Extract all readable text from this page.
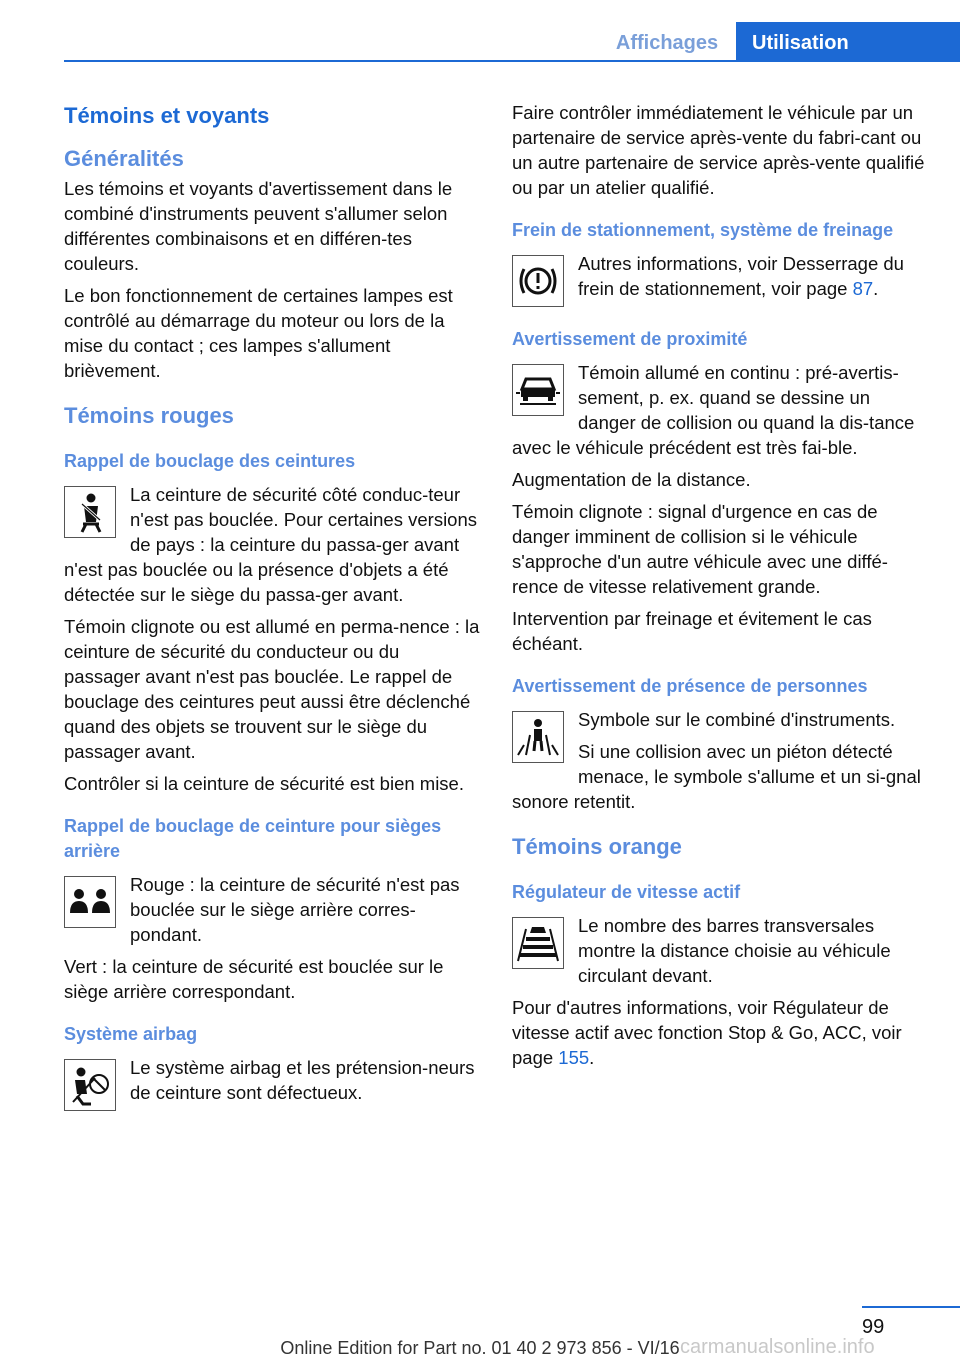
Affichages	Utilisation
Témoins et voyants
Généralités

Les témoins et voyants d'avertissement dans le combiné d'instruments peuvent s'allumer selon différentes combinaisons et en différen‐tes couleurs.

Le bon fonctionnement de certaines lampes est contrôlé au démarrage du moteur ou lors de la mise du contact ; ces lampes s'allument brièvement.

Témoins rouges
Rappel de bouclage des ceintures

La ceinture de sécurité côté conduc‐teur n'est pas bouclée. Pour certaines versions de pays : la ceinture du passa‐ger avant n'est pas bouclée ou la présence d'objets a été détectée sur le siège du passa‐ger avant.

Témoin clignote ou est allumé en perma‐nence : la ceinture de sécurité du conducteur ou du passager avant n'est pas bouclée. Le rappel de bouclage des ceintures peut aussi être déclenché quand des objets se trouvent sur le siège du passager avant.

Contrôler si la ceinture de sécurité est bien mise.

Rappel de bouclage de ceinture pour sièges arrière

Rouge : la ceinture de sécurité n'est pas bouclée sur le siège arrière corres‐pondant.

Vert : la ceinture de sécurité est bouclée sur le siège arrière correspondant.

Système airbag

Le système airbag et les prétension‐neurs de ceinture sont défectueux.

Faire contrôler immédiatement le véhicule par un partenaire de service après-vente du fabri‐cant ou un autre partenaire de service après-vente qualifié ou par un atelier qualifié.

Frein de stationnement, système de freinage

Autres informations, voir Desserrage du frein de stationnement, voir page 87.

Avertissement de proximité

Témoin allumé en continu : pré-avertis‐sement, p. ex. quand se dessine un danger de collision ou quand la dis‐tance avec le véhicule précédent est très fai‐ble.

Augmentation de la distance.

Témoin clignote : signal d'urgence en cas de danger imminent de collision si le véhicule s'approche d'un autre véhicule avec une diffé‐rence de vitesse relativement grande.

Intervention par freinage et évitement le cas échéant.

Avertissement de présence de personnes

Symbole sur le combiné d'instruments.

Si une collision avec un piéton détecté menace, le symbole s'allume et un si‐gnal sonore retentit.

Témoins orange
Régulateur de vitesse actif

Le nombre des barres transversales montre la distance choisie au véhicule circulant devant.

Pour d'autres informations, voir Régulateur de vitesse actif avec fonction Stop & Go, ACC, voir page 155.

99
Online Edition for Part no. 01 40 2 973 856 - VI/16 carmanualsonline.info
